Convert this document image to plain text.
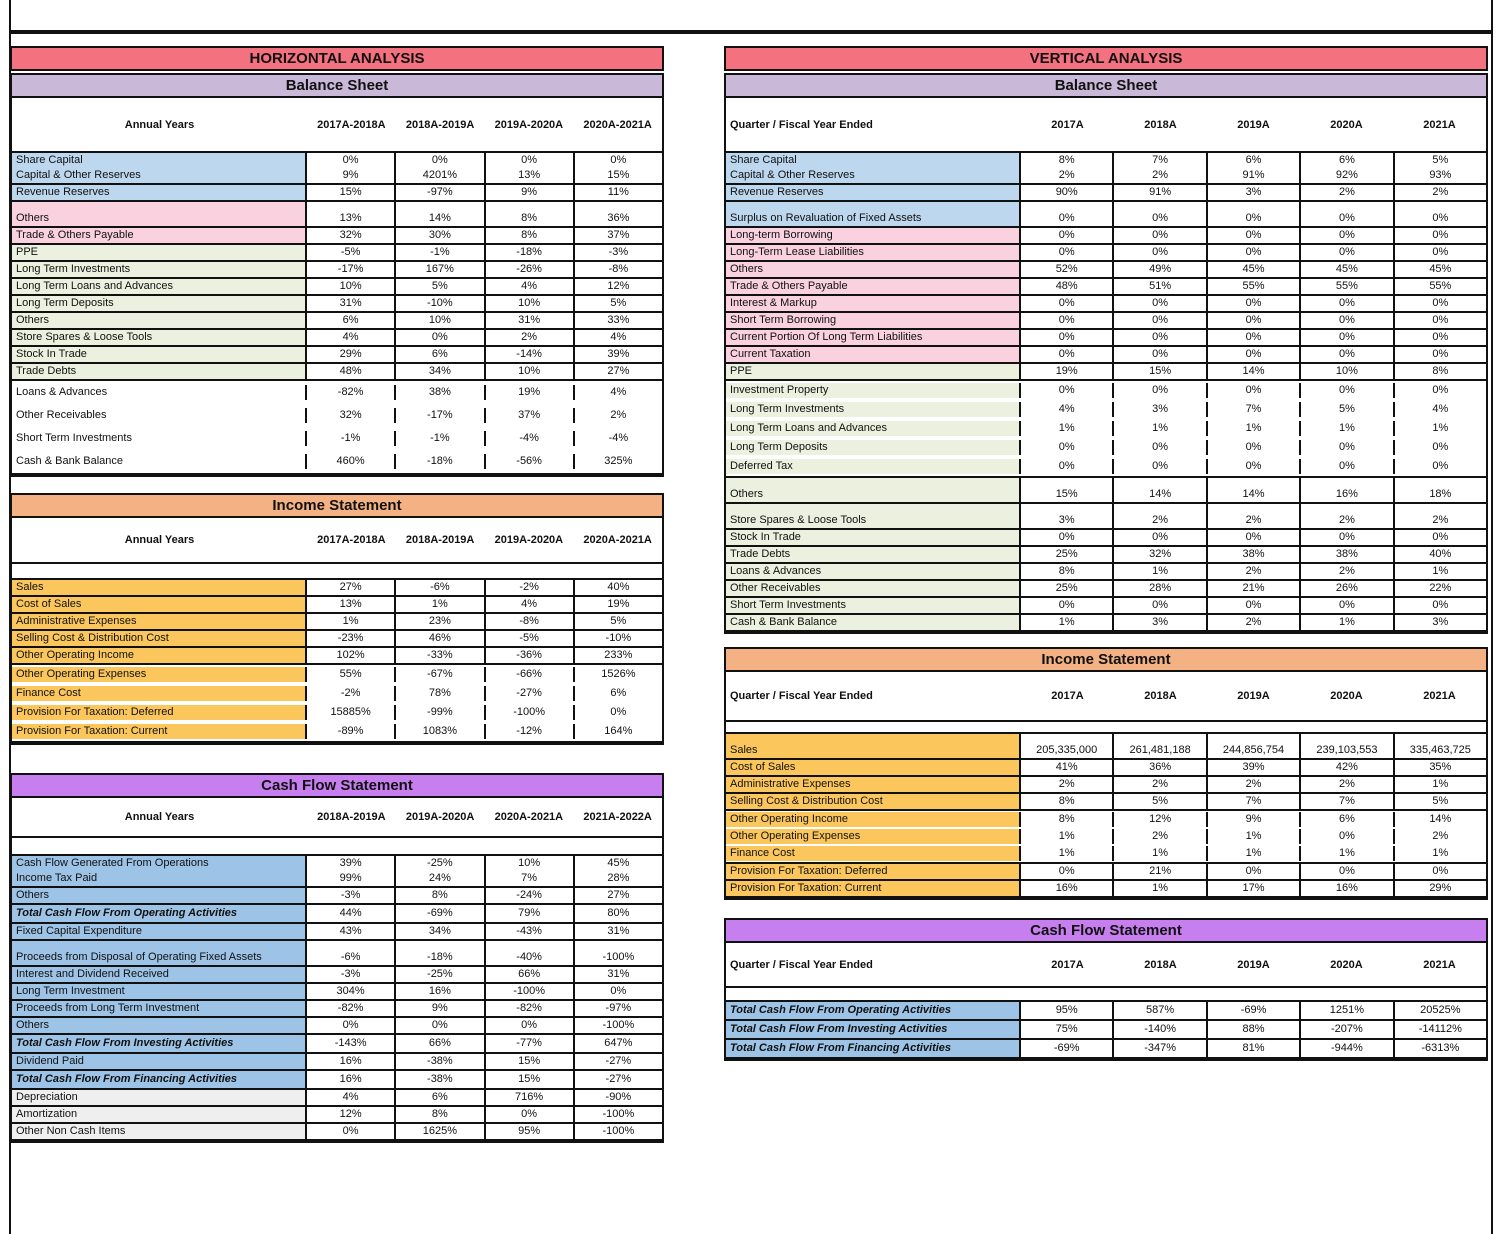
HORIZONTAL ANALYSIS
Balance Sheet
Annual Years	2017A-2018A	2018A-2019A	2019A-2020A	2020A-2021A
Share Capital	0%	0%	0%	0%
Capital & Other Reserves	9%	4201%	13%	15%
Revenue Reserves	15%	-97%	9%	11%
Others	13%	14%	8%	36%
Trade & Others Payable	32%	30%	8%	37%
PPE	-5%	-1%	-18%	-3%
Long Term Investments	-17%	167%	-26%	-8%
Long Term Loans and Advances	10%	5%	4%	12%
Long Term Deposits	31%	-10%	10%	5%
Others	6%	10%	31%	33%
Store Spares & Loose Tools	4%	0%	2%	4%
Stock In Trade	29%	6%	-14%	39%
Trade Debts	48%	34%	10%	27%
Loans & Advances	-82%	38%	19%	4%
Other Receivables	32%	-17%	37%	2%
Short Term Investments	-1%	-1%	-4%	-4%
Cash & Bank Balance	460%	-18%	-56%	325%
Income Statement
Annual Years	2017A-2018A	2018A-2019A	2019A-2020A	2020A-2021A
Sales	27%	-6%	-2%	40%
Cost of Sales	13%	1%	4%	19%
Administrative Expenses	1%	23%	-8%	5%
Selling Cost & Distribution Cost	-23%	46%	-5%	-10%
Other Operating Income	102%	-33%	-36%	233%
Other Operating Expenses	55%	-67%	-66%	1526%
Finance Cost	-2%	78%	-27%	6%
Provision For Taxation: Deferred	15885%	-99%	-100%	0%
Provision For Taxation: Current	-89%	1083%	-12%	164%
Cash Flow Statement
Annual Years	2018A-2019A	2019A-2020A	2020A-2021A	2021A-2022A
Cash Flow Generated From Operations	39%	-25%	10%	45%
Income Tax Paid	99%	24%	7%	28%
Others	-3%	8%	-24%	27%
Total Cash Flow From Operating Activities	44%	-69%	79%	80%
Fixed Capital Expenditure	43%	34%	-43%	31%
Proceeds from Disposal of Operating Fixed Assets	-6%	-18%	-40%	-100%
Interest and Dividend Received	-3%	-25%	66%	31%
Long Term Investment	304%	16%	-100%	0%
Proceeds from Long Term Investment	-82%	9%	-82%	-97%
Others	0%	0%	0%	-100%
Total Cash Flow From Investing Activities	-143%	66%	-77%	647%
Dividend Paid	16%	-38%	15%	-27%
Total Cash Flow From Financing Activities	16%	-38%	15%	-27%
Depreciation	4%	6%	716%	-90%
Amortization	12%	8%	0%	-100%
Other Non Cash Items	0%	1625%	95%	-100%
VERTICAL ANALYSIS
Balance Sheet
Quarter / Fiscal Year Ended	2017A	2018A	2019A	2020A	2021A
Share Capital	8%	7%	6%	6%	5%
Capital & Other Reserves	2%	2%	91%	92%	93%
Revenue Reserves	90%	91%	3%	2%	2%
Surplus on Revaluation of Fixed Assets	0%	0%	0%	0%	0%
Long-term Borrowing	0%	0%	0%	0%	0%
Long-Term Lease Liabilities	0%	0%	0%	0%	0%
Others	52%	49%	45%	45%	45%
Trade & Others Payable	48%	51%	55%	55%	55%
Interest & Markup	0%	0%	0%	0%	0%
Short Term Borrowing	0%	0%	0%	0%	0%
Current Portion Of Long Term Liabilities	0%	0%	0%	0%	0%
Current Taxation	0%	0%	0%	0%	0%
PPE	19%	15%	14%	10%	8%
Investment Property	0%	0%	0%	0%	0%
Long Term Investments	4%	3%	7%	5%	4%
Long Term Loans and Advances	1%	1%	1%	1%	1%
Long Term Deposits	0%	0%	0%	0%	0%
Deferred Tax	0%	0%	0%	0%	0%
Others	15%	14%	14%	16%	18%
Store Spares & Loose Tools	3%	2%	2%	2%	2%
Stock In Trade	0%	0%	0%	0%	0%
Trade Debts	25%	32%	38%	38%	40%
Loans & Advances	8%	1%	2%	2%	1%
Other Receivables	25%	28%	21%	26%	22%
Short Term Investments	0%	0%	0%	0%	0%
Cash & Bank Balance	1%	3%	2%	1%	3%
Income Statement
Quarter / Fiscal Year Ended	2017A	2018A	2019A	2020A	2021A
Sales	205,335,000	261,481,188	244,856,754	239,103,553	335,463,725
Cost of Sales	41%	36%	39%	42%	35%
Administrative Expenses	2%	2%	2%	2%	1%
Selling Cost & Distribution Cost	8%	5%	7%	7%	5%
Other Operating Income	8%	12%	9%	6%	14%
Other Operating Expenses	1%	2%	1%	0%	2%
Finance Cost	1%	1%	1%	1%	1%
Provision For Taxation: Deferred	0%	21%	0%	0%	0%
Provision For Taxation: Current	16%	1%	17%	16%	29%
Cash Flow Statement
Quarter / Fiscal Year Ended	2017A	2018A	2019A	2020A	2021A
Total Cash Flow From Operating Activities	95%	587%	-69%	1251%	20525%
Total Cash Flow From Investing Activities	75%	-140%	88%	-207%	-14112%
Total Cash Flow From Financing Activities	-69%	-347%	81%	-944%	-6313%
